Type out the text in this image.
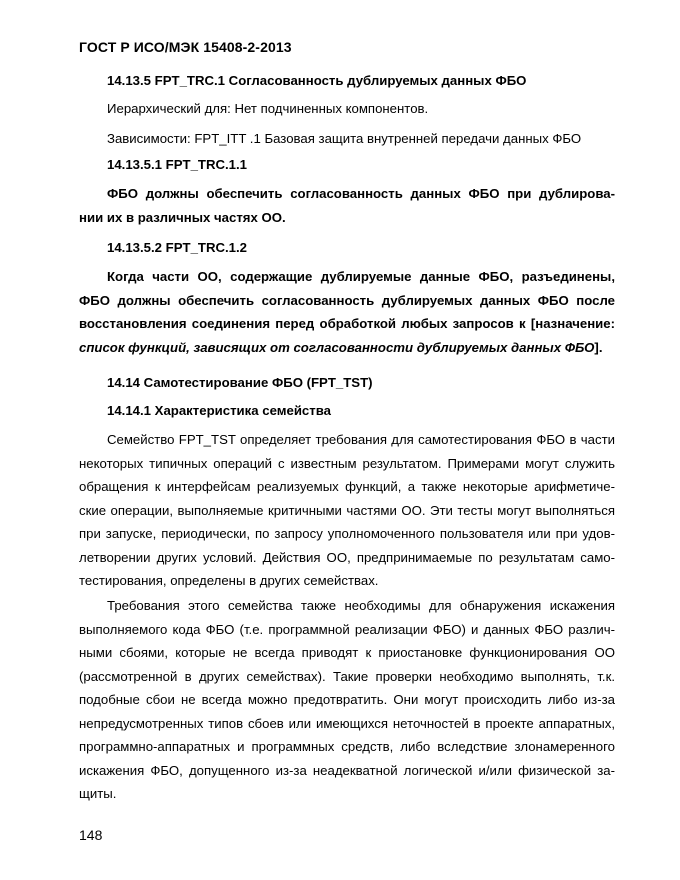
ГОСТ Р ИСО/МЭК 15408-2-2013
14.13.5 FPT_TRC.1 Согласованность дублируемых данных ФБО
Иерархический для: Нет подчиненных компонентов.
Зависимости: FPT_ITT .1 Базовая защита внутренней передачи данных ФБО
14.13.5.1 FPT_TRC.1.1
ФБО должны обеспечить согласованность данных ФБО при дублирова-
нии их в различных частях ОО.
14.13.5.2 FPT_TRC.1.2
Когда части ОО, содержащие дублируемые данные ФБО, разъединены,
ФБО должны обеспечить согласованность дублируемых данных ФБО после
восстановления соединения перед обработкой любых запросов к [назначение:
список функций, зависящих от согласованности дублируемых данных ФБО].
14.14 Самотестирование ФБО (FPT_TST)
14.14.1 Характеристика семейства
Семейство FPT_TST определяет требования для самотестирования ФБО в части
некоторых типичных операций с известным результатом. Примерами могут служить
обращения к интерфейсам реализуемых функций, а также некоторые арифметиче-
ские операции, выполняемые критичными частями ОО. Эти тесты могут выполняться
при запуске, периодически, по запросу уполномоченного пользователя или при удов-
летворении других условий. Действия ОО, предпринимаемые по результатам само-
тестирования, определены в других семействах.
Требования этого семейства также необходимы для обнаружения искажения
выполняемого кода ФБО (т.е. программной реализации ФБО) и данных ФБО различ-
ными сбоями, которые не всегда приводят к приостановке функционирования ОО
(рассмотренной в других семействах). Такие проверки необходимо выполнять, т.к.
подобные сбои не всегда можно предотвратить. Они могут происходить либо из-за
непредусмотренных типов сбоев или имеющихся неточностей в проекте аппаратных,
программно-аппаратных и программных средств, либо вследствие злонамеренного
искажения ФБО, допущенного из-за неадекватной логической и/или физической за-
щиты.
148
